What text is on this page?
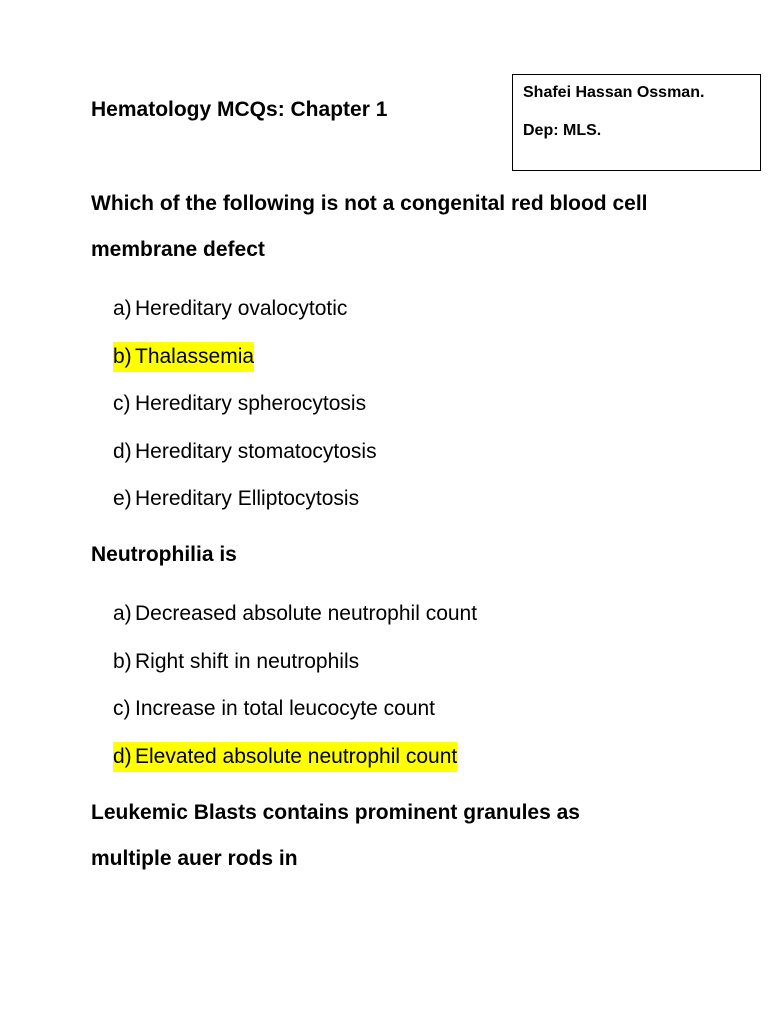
Hematology MCQs: Chapter 1
Shafei Hassan Ossman.
Dep: MLS.
Which of the following is not a congenital red blood cell membrane defect
a) Hereditary ovalocytotic
b) Thalassemia
c) Hereditary spherocytosis
d) Hereditary stomatocytosis
e) Hereditary Elliptocytosis
Neutrophilia is
a) Decreased absolute neutrophil count
b) Right shift in neutrophils
c) Increase in total leucocyte count
d) Elevated absolute neutrophil count
Leukemic Blasts contains prominent granules as multiple auer rods in
